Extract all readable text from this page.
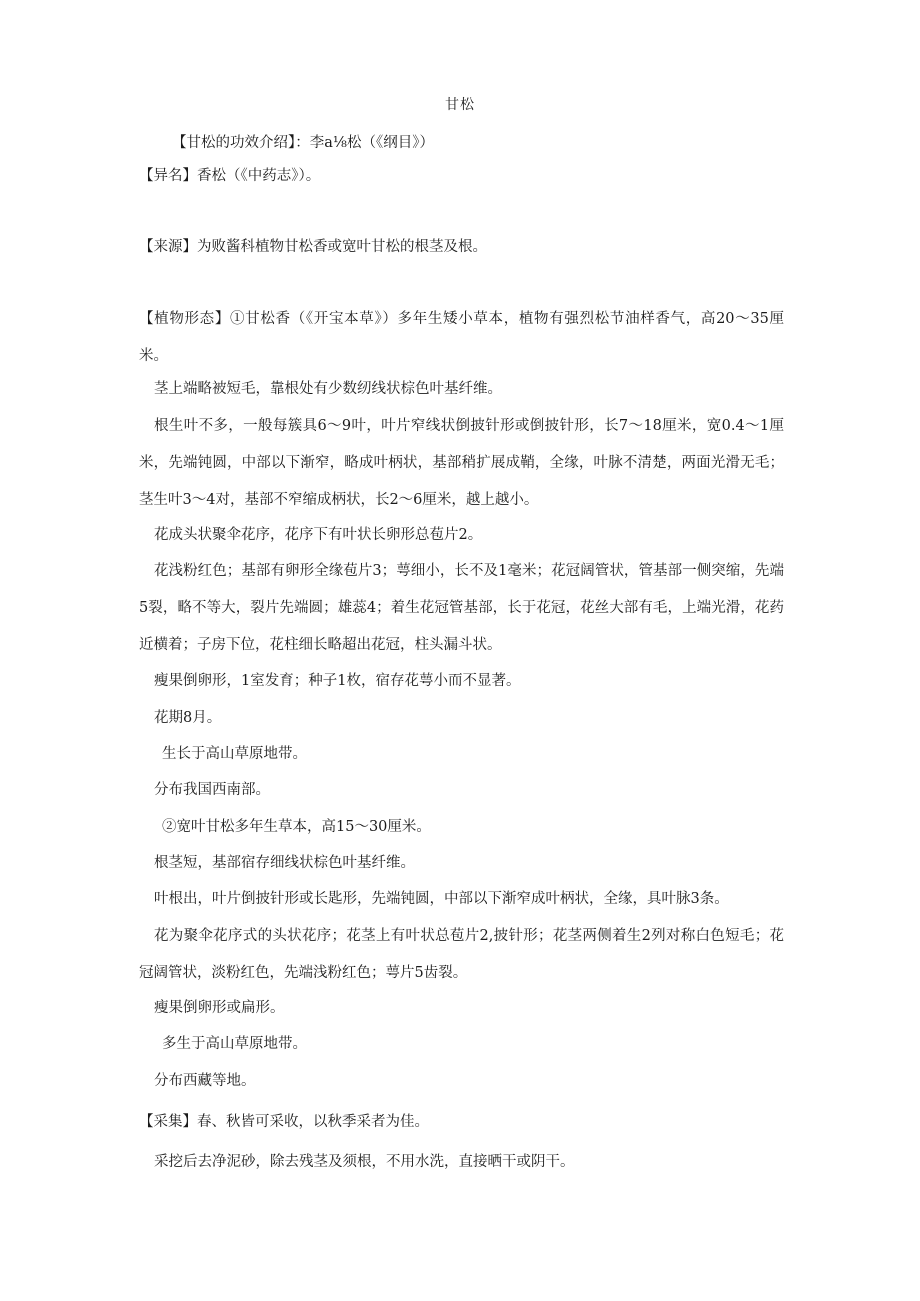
甘松
【甘松的功效介绍】：李a⅛松（《纲目》）
【异名】香松（《中药志》）。
【来源】为败酱科植物甘松香或宽叶甘松的根茎及根。
【植物形态】①甘松香（《开宝本草》）多年生矮小草本，植物有强烈松节油样香气，高20～35厘米。
茎上端略被短毛，靠根处有少数纫线状棕色叶基纤维。
根生叶不多，一般每簇具6～9叶，叶片窄线状倒披针形或倒披针形，长7～18厘米，宽0.4～1厘米，先端钝圆，中部以下渐窄，略成叶柄状，基部稍扩展成鞘，全缘，叶脉不清楚，两面光滑无毛；茎生叶3～4对，基部不窄缩成柄状，长2～6厘米，越上越小。
花成头状聚伞花序，花序下有叶状长卵形总苞片2。
花浅粉红色；基部有卵形全缘苞片3；萼细小，长不及1毫米；花冠阔管状，管基部一侧突缩，先端5裂，略不等大，裂片先端圆；雄蕊4；着生花冠管基部，长于花冠，花丝大部有毛，上端光滑，花药近横着；子房下位，花柱细长略超出花冠，柱头漏斗状。
瘦果倒卵形，1室发育；种子1枚，宿存花萼小而不显著。
花期8月。
生长于高山草原地带。
分布我国西南部。
②宽叶甘松多年生草本，高15～30厘米。
根茎短，基部宿存细线状棕色叶基纤维。
叶根出，叶片倒披针形或长匙形，先端钝圆，中部以下渐窄成叶柄状，全缘，具叶脉3条。
花为聚伞花序式的头状花序；花茎上有叶状总苞片2,披针形；花茎两侧着生2列对称白色短毛；花冠阔管状，淡粉红色，先端浅粉红色；萼片5齿裂。
瘦果倒卵形或扁形。
多生于高山草原地带。
分布西藏等地。
【采集】春、秋皆可采收，以秋季采者为佳。
采挖后去净泥砂，除去残茎及须根，不用水洗，直接晒干或阴干。
